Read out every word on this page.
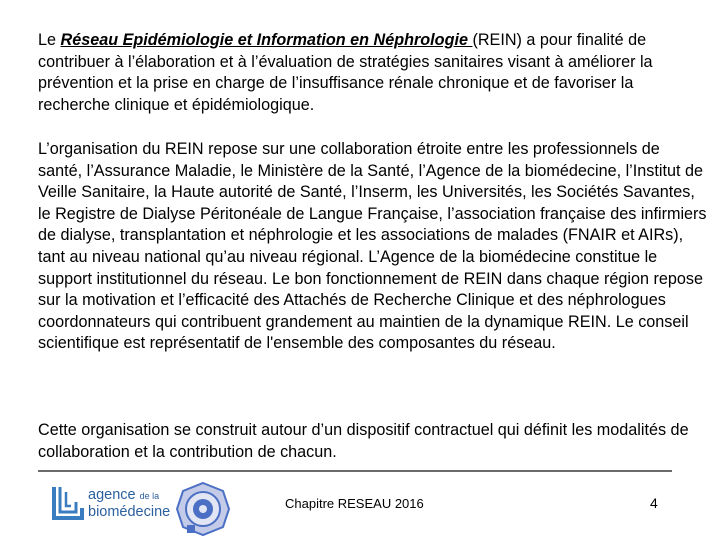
Le Réseau Epidémiologie et Information en Néphrologie (REIN) a pour finalité de contribuer à l’élaboration et à l’évaluation de stratégies sanitaires visant à améliorer la prévention et la prise en charge de l’insuffisance rénale chronique et de favoriser la recherche clinique et épidémiologique.

L’organisation du REIN repose sur une collaboration étroite entre les professionnels de santé, l’Assurance Maladie, le Ministère de la Santé, l’Agence de la biomédecine, l’Institut de Veille Sanitaire, la Haute autorité de Santé, l’Inserm, les Universités, les Sociétés Savantes, le Registre de Dialyse Péritonéale de Langue Française, l’association française des infirmiers de dialyse, transplantation et néphrologie et les associations de malades (FNAIR et AIRs), tant au niveau national qu’au niveau régional. L’Agence de la biomédecine constitue le support institutionnel du réseau. Le bon fonctionnement de REIN dans chaque région repose sur la motivation et l’efficacité des Attachés de Recherche Clinique et des néphrologues coordonnateurs qui contribuent grandement au maintien de la dynamique REIN. Le conseil scientifique est représentatif de l'ensemble des composantes du réseau.

Cette organisation se construit autour d’un dispositif contractuel qui définit les modalités de collaboration et la contribution de chacun.

agence de la
biomédecine
Chapitre RESEAU 2016	4
